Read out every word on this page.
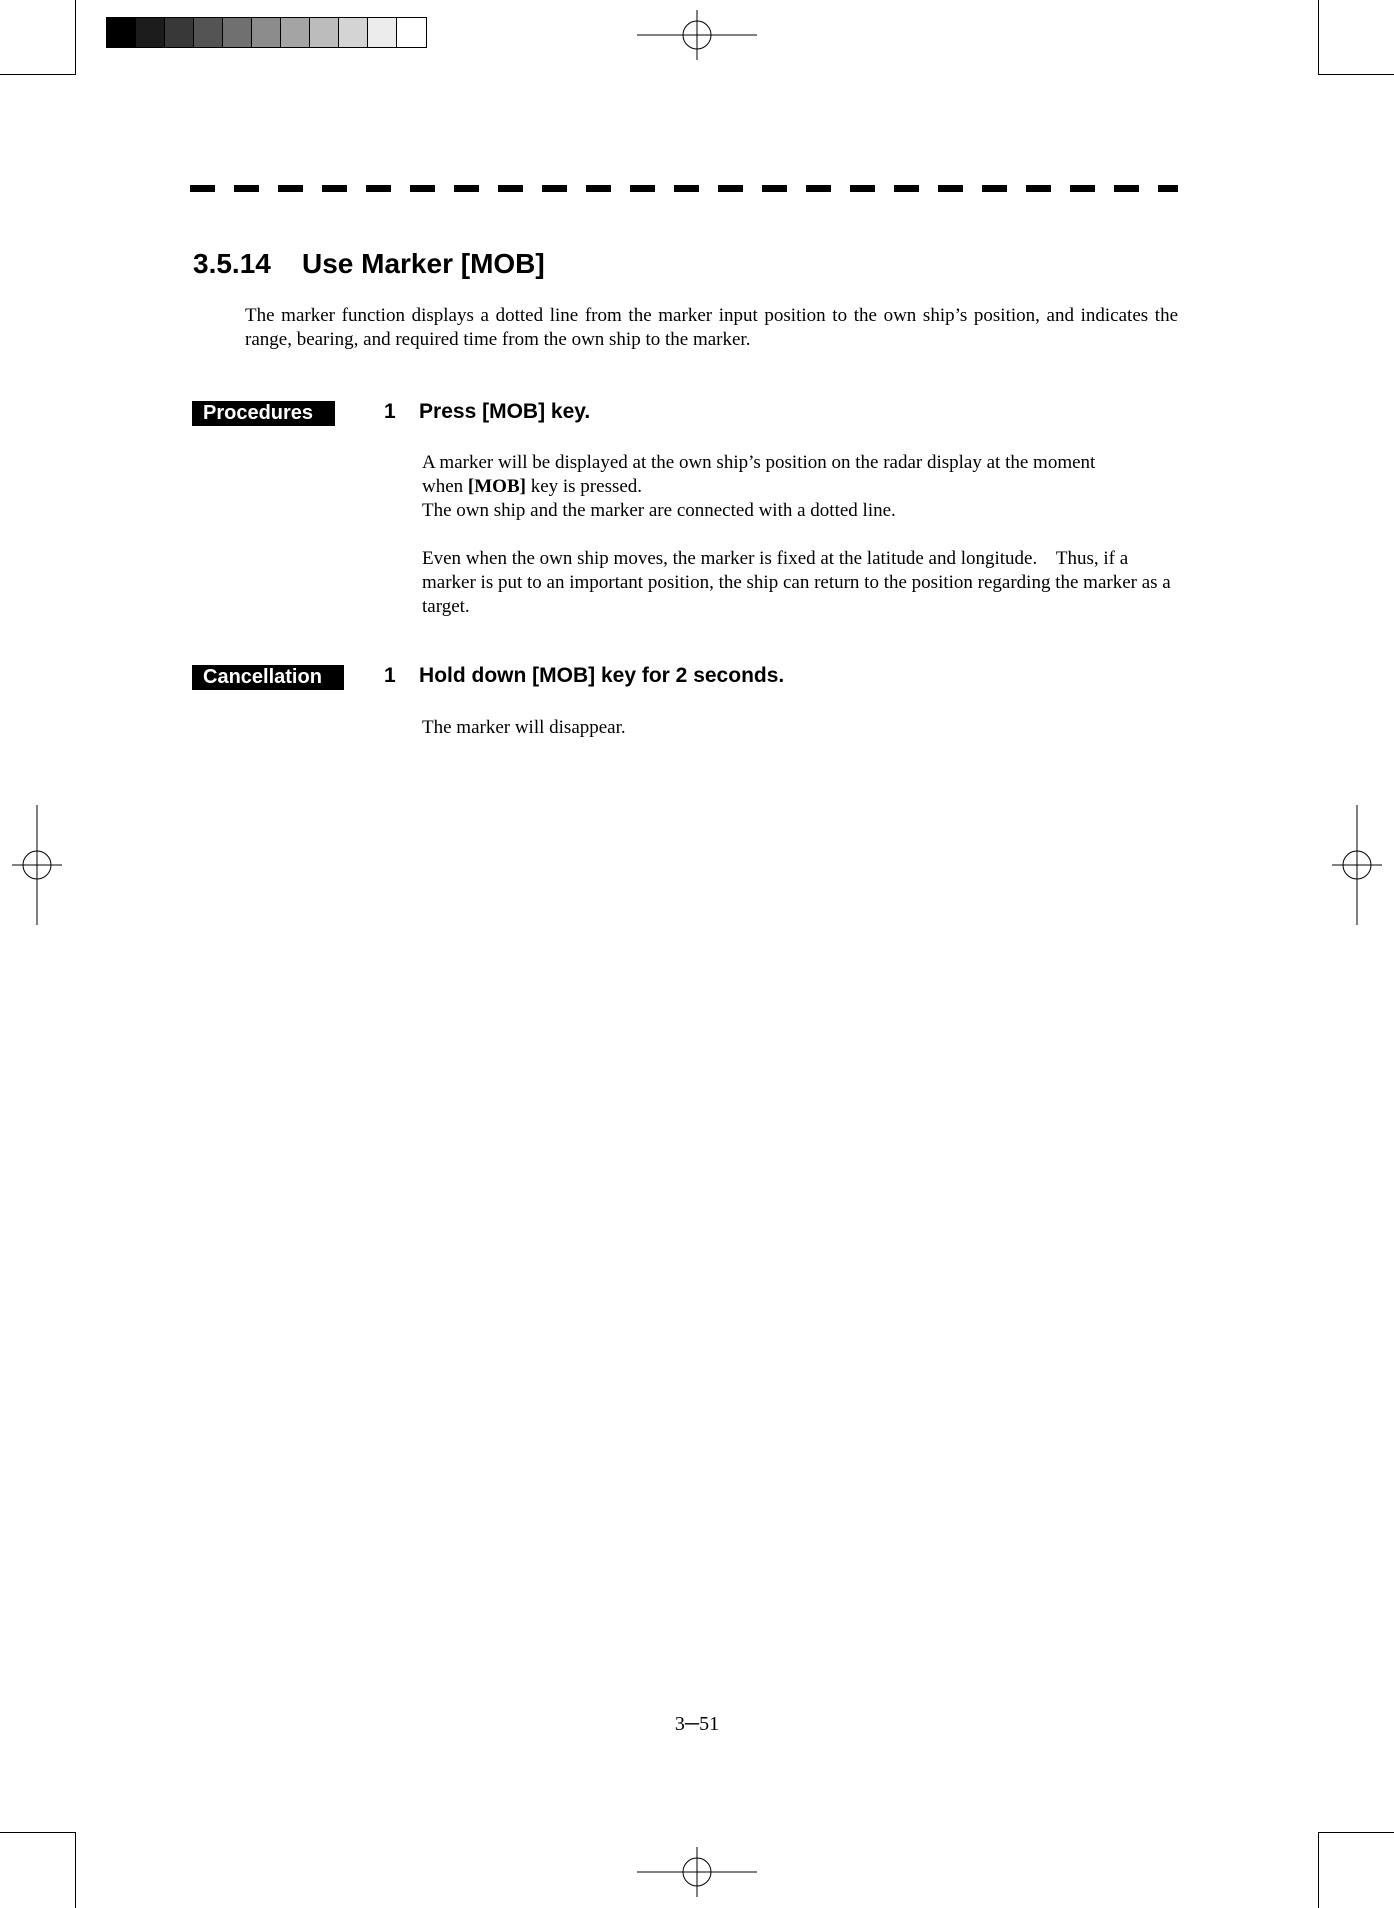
3.5.14 Use Marker [MOB]
The marker function displays a dotted line from the marker input position to the own ship’s position, and indicates the range, bearing, and required time from the own ship to the marker.
Procedures	1 Press [MOB] key.

A marker will be displayed at the own ship’s position on the radar display at the moment

when [MOB] key is pressed.

The own ship and the marker are connected with a dotted line.

Even when the own ship moves, the marker is fixed at the latitude and longitude.    Thus, if a marker is put to an important position, the ship can return to the position regarding the marker as a target.
Cancellation	1 Hold down [MOB] key for 2 seconds.
The marker will disappear.
3─51
